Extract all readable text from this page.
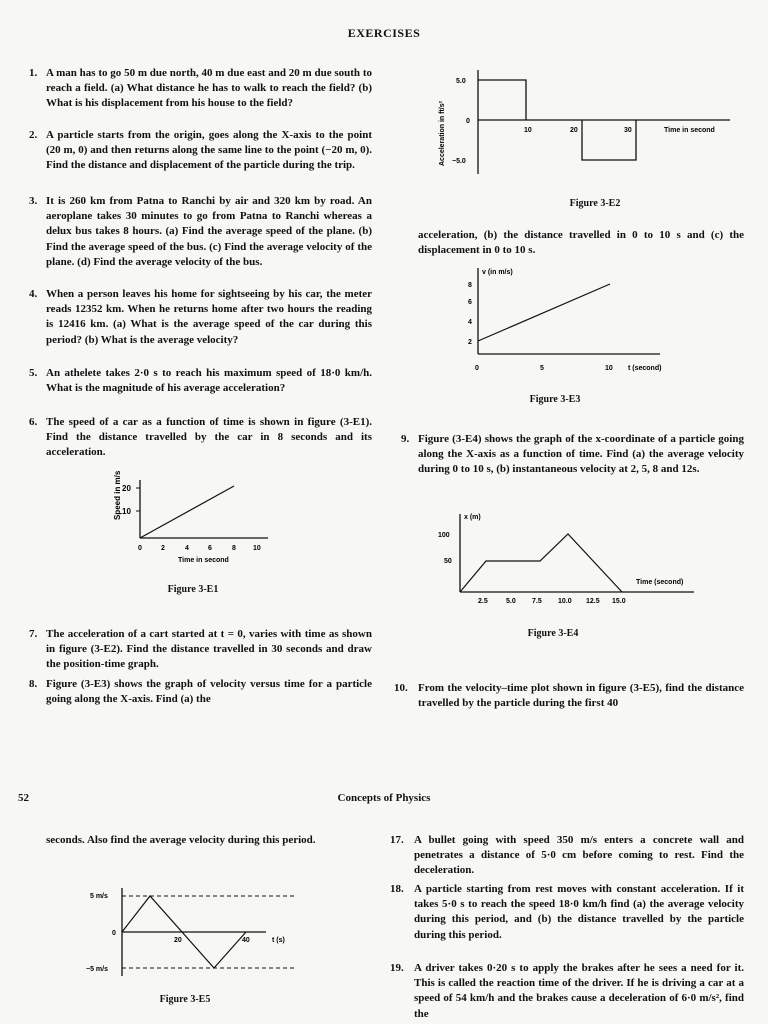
EXERCISES
1. A man has to go 50 m due north, 40 m due east and 20 m due south to reach a field. (a) What distance he has to walk to reach the field? (b) What is his displacement from his house to the field?
2. A particle starts from the origin, goes along the X-axis to the point (20 m, 0) and then returns along the same line to the point (−20 m, 0). Find the distance and displacement of the particle during the trip.
3. It is 260 km from Patna to Ranchi by air and 320 km by road. An aeroplane takes 30 minutes to go from Patna to Ranchi whereas a delux bus takes 8 hours. (a) Find the average speed of the plane. (b) Find the average speed of the bus. (c) Find the average velocity of the plane. (d) Find the average velocity of the bus.
4. When a person leaves his home for sightseeing by his car, the meter reads 12352 km. When he returns home after two hours the reading is 12416 km. (a) What is the average speed of the car during this period? (b) What is the average velocity?
5. An athelete takes 2·0 s to reach his maximum speed of 18·0 km/h. What is the magnitude of his average acceleration?
6. The speed of a car as a function of time is shown in figure (3-E1). Find the distance travelled by the car in 8 seconds and its acceleration.
7. The acceleration of a cart started at t = 0, varies with time as shown in figure (3-E2). Find the distance travelled in 30 seconds and draw the position-time graph.
8. Figure (3-E3) shows the graph of velocity versus time for a particle going along the X-axis. Find (a) the
acceleration, (b) the distance travelled in 0 to 10 s and (c) the displacement in 0 to 10 s.
9. Figure (3-E4) shows the graph of the x-coordinate of a particle going along the X-axis as a function of time. Find (a) the average velocity during 0 to 10 s, (b) instantaneous velocity at 2, 5, 8 and 12s.
10. From the velocity–time plot shown in figure (3-E5), find the distance travelled by the particle during the first 40
52	Concepts of Physics
seconds. Also find the average velocity during this period.	17. A bullet going with speed 350 m/s enters a concrete wall and penetrates a distance of 5·0 cm before coming to rest. Find the deceleration.
18. A particle starting from rest moves with constant acceleration. If it takes 5·0 s to reach the speed 18·0 km/h find (a) the average velocity during this period, and (b) the distance travelled by the particle during this period.
19. A driver takes 0·20 s to apply the brakes after he sees a need for it. This is called the reaction time of the driver. If he is driving a car at a speed of 54 km/h and the brakes cause a deceleration of 6·0 m/s², find the
Speed in m/s 20
10
0	2	4	6	8 10
Time in second
Figure 3-E1
Acceleration in ft/s²
5.0
0
−5.0
10	20	30	Time in second
Figure 3-E2
v (in m/s)
2
4
6
8
0	5	10 t (second)
Figure 3-E3
x (m)
100
50
2.5	5.0 7.5 10.0 12.5 15.0
Time (second)
Figure 3-E4
5 m/s
0
−5 m/s
20	40	t (s)
Figure 3-E5
